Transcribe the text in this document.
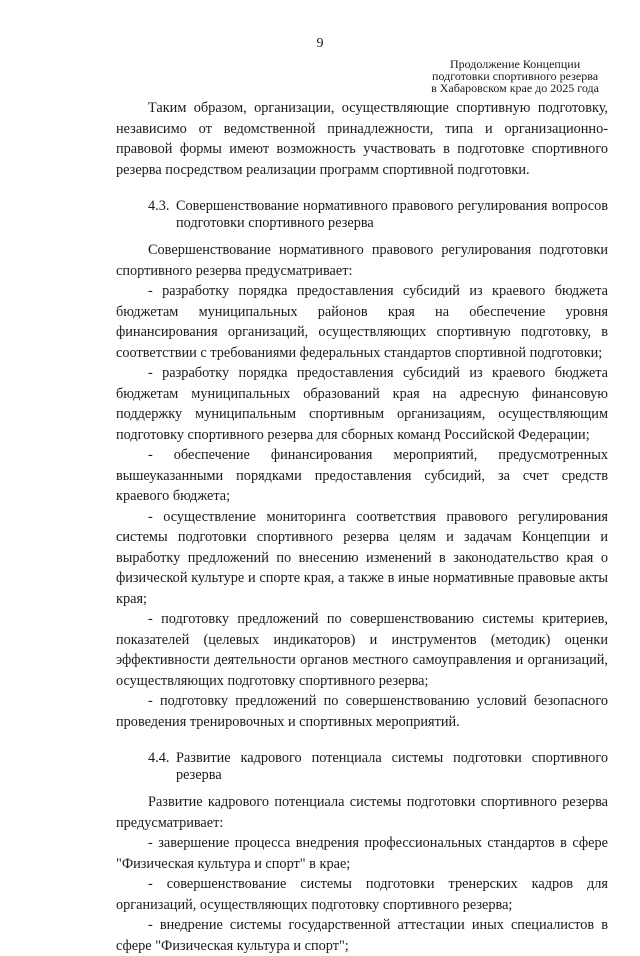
9
Продолжение Концепции
подготовки спортивного резерва
в Хабаровском крае до 2025 года

Таким образом, организации, осуществляющие спортивную подготовку, независимо от ведомственной принадлежности, типа и организационно-правовой формы имеют возможность участвовать в подготовке спортивного резерва посредством реализации программ спортивной подготовки.

4.3. Совершенствование нормативного правового регулирования вопросов подготовки спортивного резерва

Совершенствование нормативного правового регулирования подготовки спортивного резерва предусматривает:

- разработку порядка предоставления субсидий из краевого бюджета бюджетам муниципальных районов края на обеспечение уровня финансирования организаций, осуществляющих спортивную подготовку, в соответствии с требованиями федеральных стандартов спортивной подготовки;

- разработку порядка предоставления субсидий из краевого бюджета бюджетам муниципальных образований края на адресную финансовую поддержку муниципальным спортивным организациям, осуществляющим подготовку спортивного резерва для сборных команд Российской Федерации;

- обеспечение финансирования мероприятий, предусмотренных вышеуказанными порядками предоставления субсидий, за счет средств краевого бюджета;

- осуществление мониторинга соответствия правового регулирования системы подготовки спортивного резерва целям и задачам Концепции и выработку предложений по внесению изменений в законодательство края о физической культуре и спорте края, а также в иные нормативные правовые акты края;

- подготовку предложений по совершенствованию системы критериев, показателей (целевых индикаторов) и инструментов (методик) оценки эффективности деятельности органов местного самоуправления и организаций, осуществляющих подготовку спортивного резерва;

- подготовку предложений по совершенствованию условий безопасного проведения тренировочных и спортивных мероприятий.

4.4. Развитие кадрового потенциала системы подготовки спортивного резерва

Развитие кадрового потенциала системы подготовки спортивного резерва предусматривает:

- завершение процесса внедрения профессиональных стандартов в сфере "Физическая культура и спорт" в крае;

- совершенствование системы подготовки тренерских кадров для организаций, осуществляющих подготовку спортивного резерва;

- внедрение системы государственной аттестации иных специалистов в сфере "Физическая культура и спорт";
